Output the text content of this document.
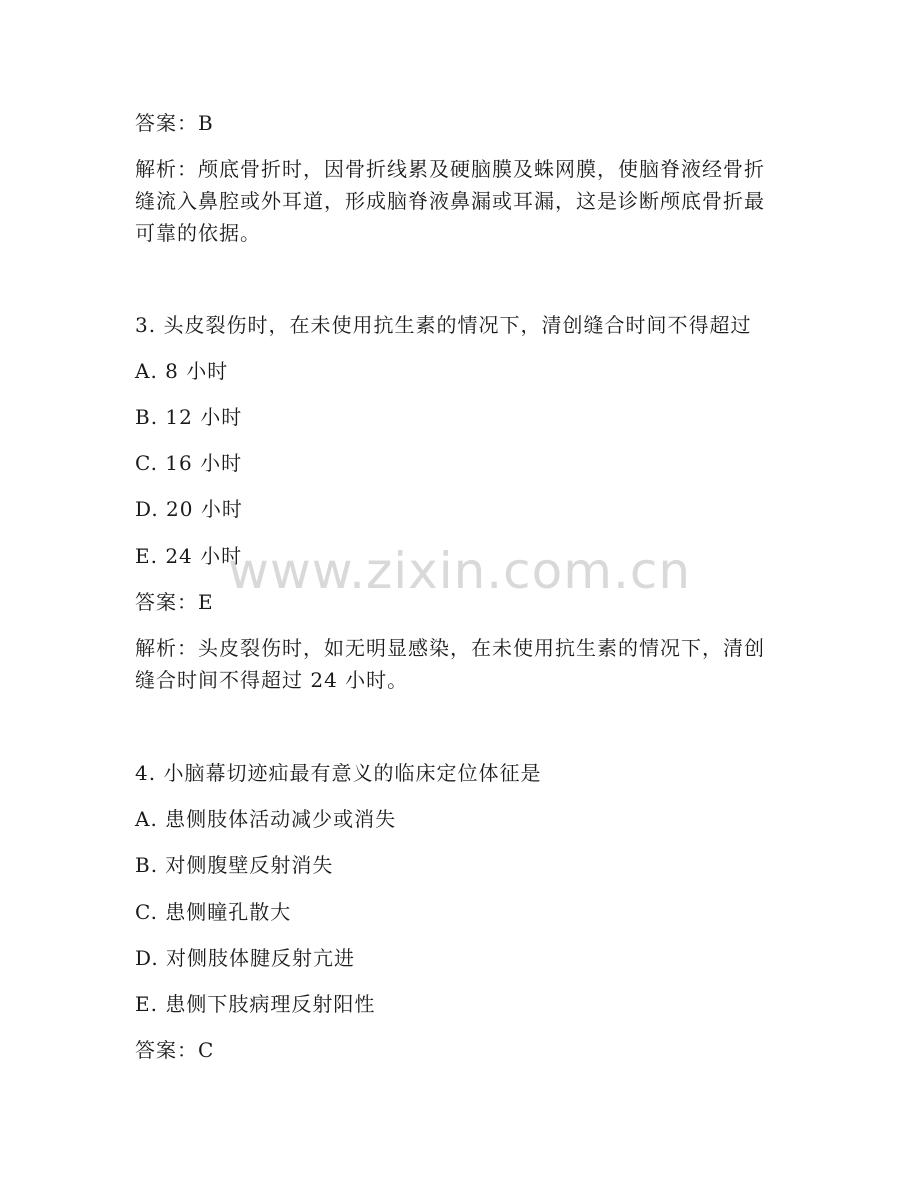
答案：B
解析：颅底骨折时，因骨折线累及硬脑膜及蛛网膜，使脑脊液经骨折缝流入鼻腔或外耳道，形成脑脊液鼻漏或耳漏，这是诊断颅底骨折最可靠的依据。
3. 头皮裂伤时，在未使用抗生素的情况下，清创缝合时间不得超过
A. 8 小时
B. 12 小时
C. 16 小时
D. 20 小时
E. 24 小时
答案：E
解析：头皮裂伤时，如无明显感染，在未使用抗生素的情况下，清创缝合时间不得超过 24 小时。
4. 小脑幕切迹疝最有意义的临床定位体征是
A. 患侧肢体活动减少或消失
B. 对侧腹壁反射消失
C. 患侧瞳孔散大
D. 对侧肢体腱反射亢进
E. 患侧下肢病理反射阳性
答案：C
www.zixin.com.cn
